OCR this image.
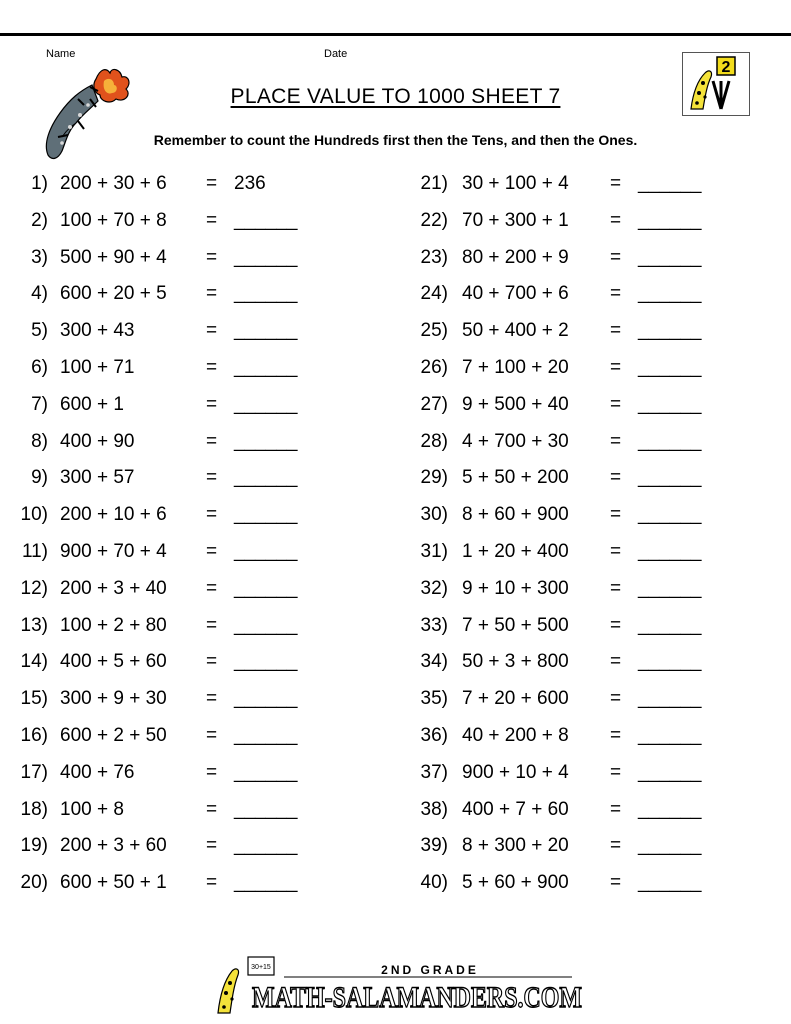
Name	Date
2
PLACE VALUE TO 1000 SHEET 7
Remember to count the Hundreds first then the Tens, and then the Ones.
1) 200 + 30 + 6 = 236
2) 100 + 70 + 8 = ______
3) 500 + 90 + 4 = ______
4) 600 + 20 + 5 = ______
5) 300 + 43	= ______
6) 100 + 71	= ______
7) 600 + 1	= ______
8) 400 + 90	= ______
9) 300 + 57	= ______
10) 200 + 10 + 6 = ______
11) 900 + 70 + 4 = ______
12) 200 + 3 + 40 = ______
13) 100 + 2 + 80 = ______
14) 400 + 5 + 60 = ______
15) 300 + 9 + 30 = ______
16) 600 + 2 + 50 = ______
17) 400 + 76	= ______
18) 100 + 8	= ______
19) 200 + 3 + 60 = ______
20) 600 + 50 + 1 = ______
21) 30 + 100 + 4 = ______
22) 70 + 300 + 1 = ______
23) 80 + 200 + 9 = ______
24) 40 + 700 + 6 = ______
25) 50 + 400 + 2 = ______
26) 7 + 100 + 20 = ______
27) 9 + 500 + 40 = ______
28) 4 + 700 + 30 = ______
29) 5 + 50 + 200 = ______
30) 8 + 60 + 900 = ______
31) 1 + 20 + 400 = ______
32) 9 + 10 + 300 = ______
33) 7 + 50 + 500 = ______
34) 50 + 3 + 800 = ______
35) 7 + 20 + 600 = ______
36) 40 + 200 + 8 = ______
37) 900 + 10 + 4 = ______
38) 400 + 7 + 60 = ______
39) 8 + 300 + 20 = ______
40) 5 + 60 + 900 = ______
30+15	2ND GRADE
MATH-SALAMANDERS.COM
